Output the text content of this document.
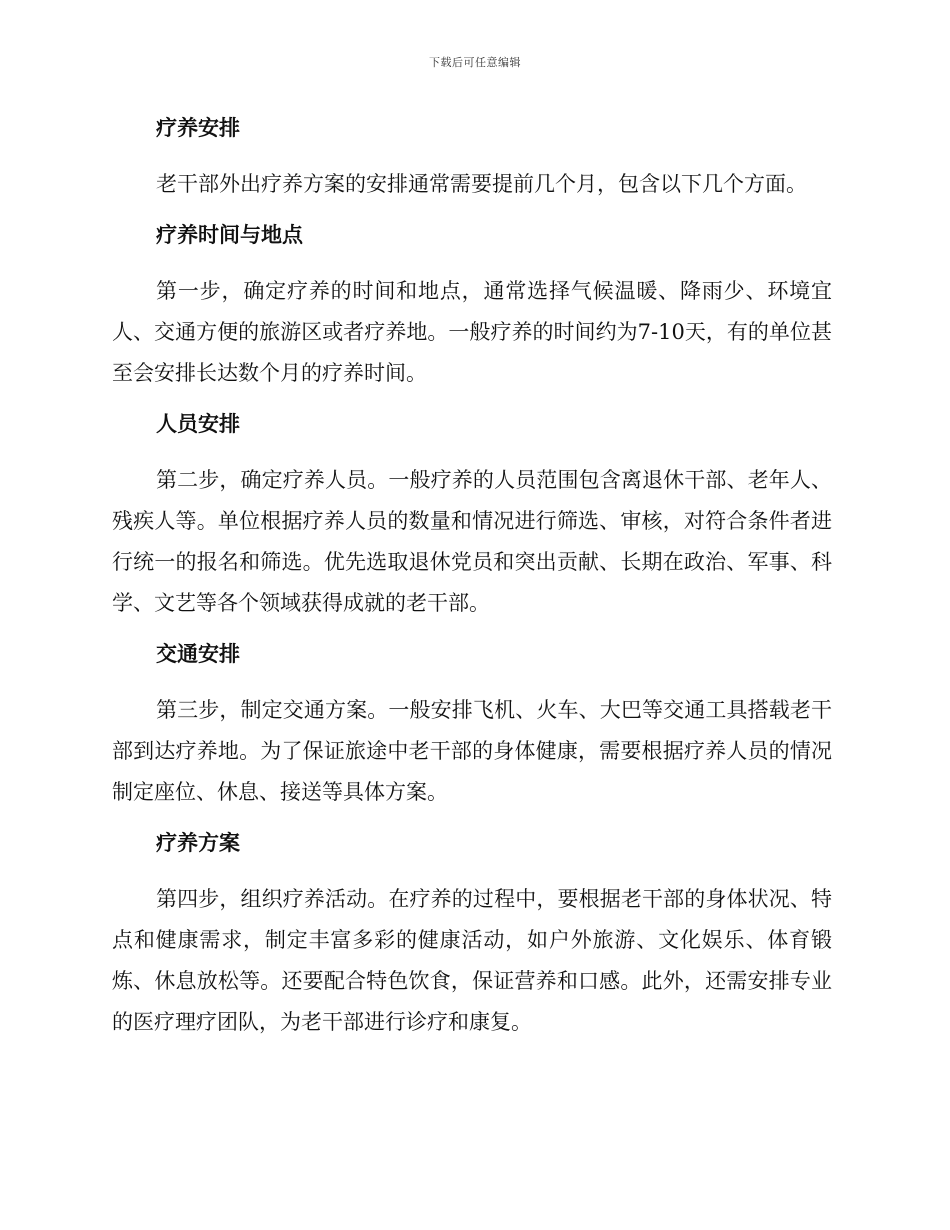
下载后可任意编辑
疗养安排

老干部外出疗养方案的安排通常需要提前几个月，包含以下几个方面。

疗养时间与地点

第一步，确定疗养的时间和地点，通常选择气候温暖、降雨少、环境宜人、交通方便的旅游区或者疗养地。一般疗养的时间约为7-10天，有的单位甚至会安排长达数个月的疗养时间。

人员安排

第二步，确定疗养人员。一般疗养的人员范围包含离退休干部、老年人、残疾人等。单位根据疗养人员的数量和情况进行筛选、审核，对符合条件者进行统一的报名和筛选。优先选取退休党员和突出贡献、长期在政治、军事、科学、文艺等各个领域获得成就的老干部。

交通安排

第三步，制定交通方案。一般安排飞机、火车、大巴等交通工具搭载老干部到达疗养地。为了保证旅途中老干部的身体健康，需要根据疗养人员的情况制定座位、休息、接送等具体方案。

疗养方案

第四步，组织疗养活动。在疗养的过程中，要根据老干部的身体状况、特点和健康需求，制定丰富多彩的健康活动，如户外旅游、文化娱乐、体育锻炼、休息放松等。还要配合特色饮食，保证营养和口感。此外，还需安排专业的医疗理疗团队，为老干部进行诊疗和康复。
